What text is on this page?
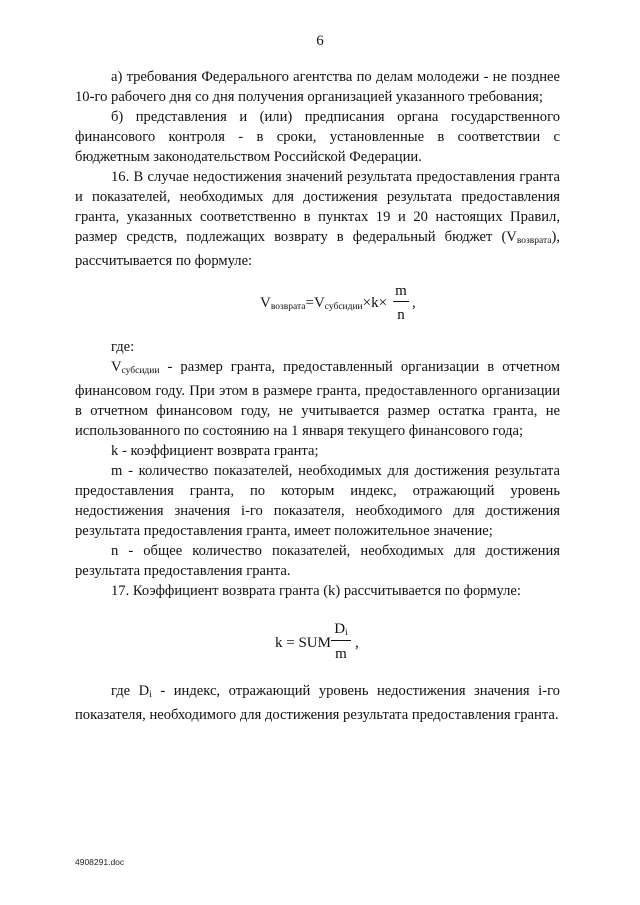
6

а) требования Федерального агентства по делам молодежи - не позднее 10-го рабочего дня со дня получения организацией указанного требования;

б) представления и (или) предписания органа государственного финансового контроля - в сроки, установленные в соответствии с бюджетным законодательством Российской Федерации.

16. В случае недостижения значений результата предоставления гранта и показателей, необходимых для достижения результата предоставления гранта, указанных соответственно в пунктах 19 и 20 настоящих Правил, размер средств, подлежащих возврату в федеральный бюджет $(V_{возврата})$, рассчитывается по формуле:

$V_{возврата}=V_{субсидии}\times k\times$
m
n
,

где:

$V_{субсидии}$ - размер гранта, предоставленный организации в отчетном финансовом году. При этом в размере гранта, предоставленного организации в отчетном финансовом году, не учитывается размер остатка гранта, не использованного по состоянию на 1 января текущего финансового года;

k - коэффициент возврата гранта;

m - количество показателей, необходимых для достижения результата предоставления гранта, по которым индекс, отражающий уровень недостижения значения i-го показателя, необходимого для достижения результата предоставления гранта, имеет положительное значение;

n - общее количество показателей, необходимых для достижения результата предоставления гранта.

17. Коэффициент возврата гранта (k) рассчитывается по формуле:

k = SUM
$D_i$
m
,

где $D_i$ - индекс, отражающий уровень недостижения значения i-го показателя, необходимого для достижения результата предоставления гранта.

4908291.doc
